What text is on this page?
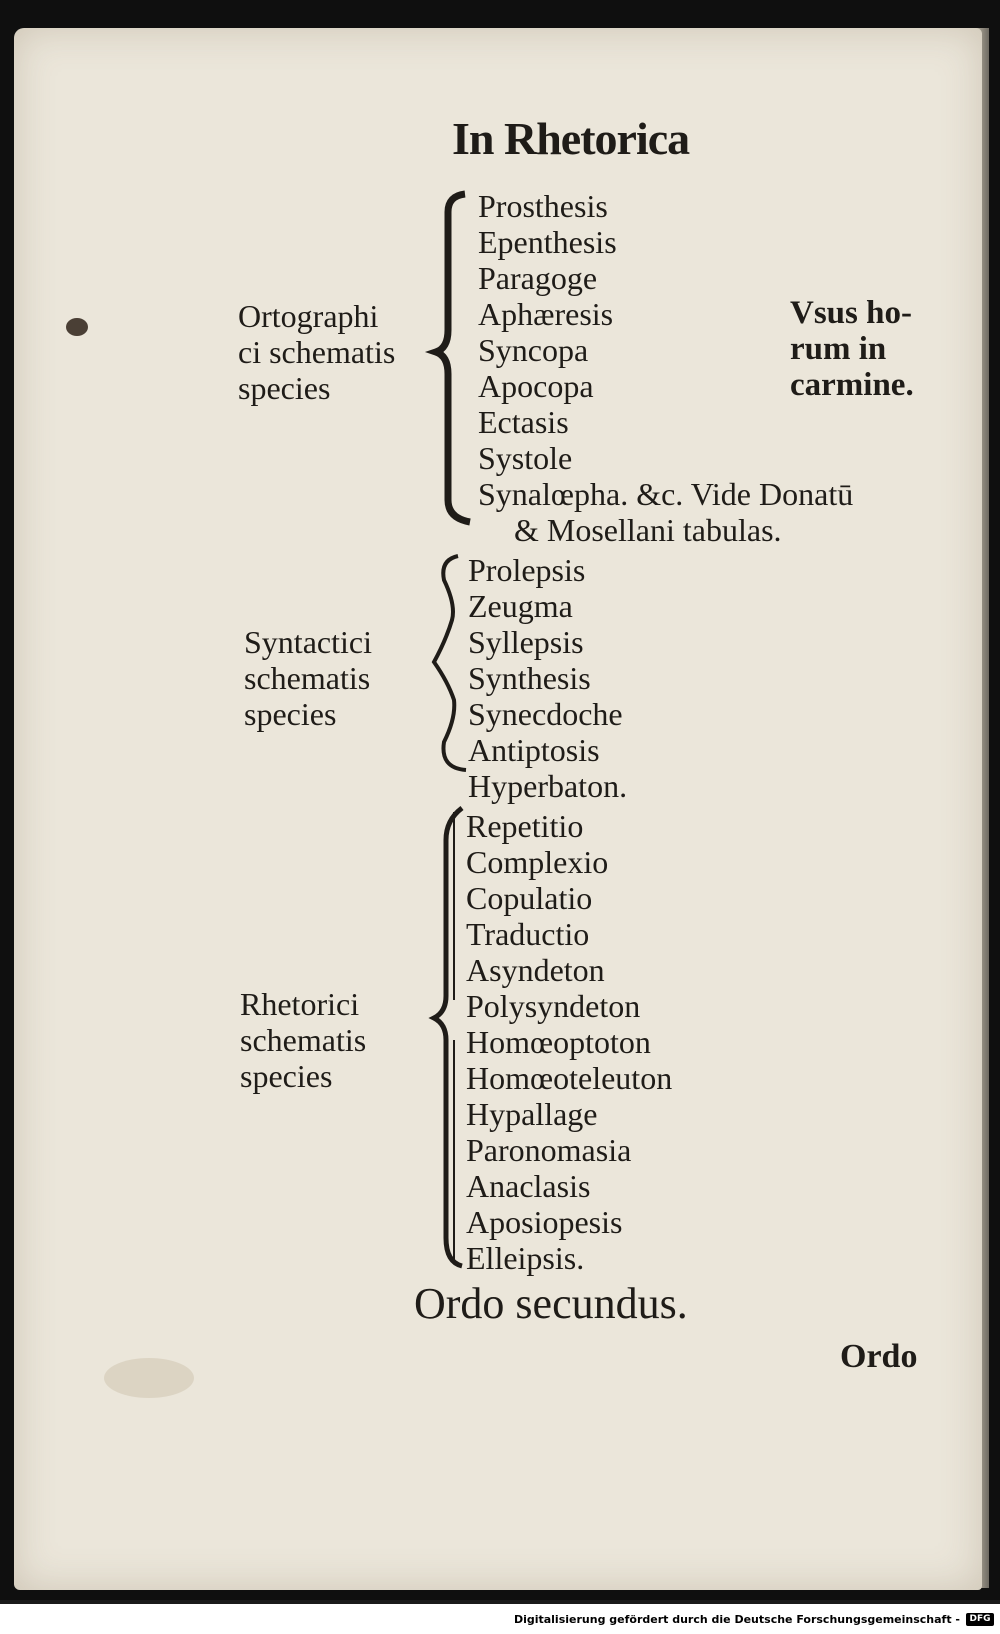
In Rhetorica
Ortographi
ci schematis
species
Prosthesis
Epenthesis
Paragoge
Aphæresis
Syncopa
Apocopa
Ectasis
Systole
Synalœpha. &c. Vide Donatū
& Mosellani tabulas.
Vsus ho-
rum in
carmine.
Syntactici
schematis
species
Prolepsis
Zeugma
Syllepsis
Synthesis
Synecdoche
Antiptosis
Hyperbaton.
Rhetorici
schematis
species
Repetitio
Complexio
Copulatio
Traductio
Asyndeton
Polysyndeton
Homœoptoton
Homœoteleuton
Hypallage
Paronomasia
Anaclasis
Aposiopesis
Elleipsis.
Ordo secundus.
Ordo
Digitalisierung gefördert durch die Deutsche Forschungsgemeinschaft -	DFG
